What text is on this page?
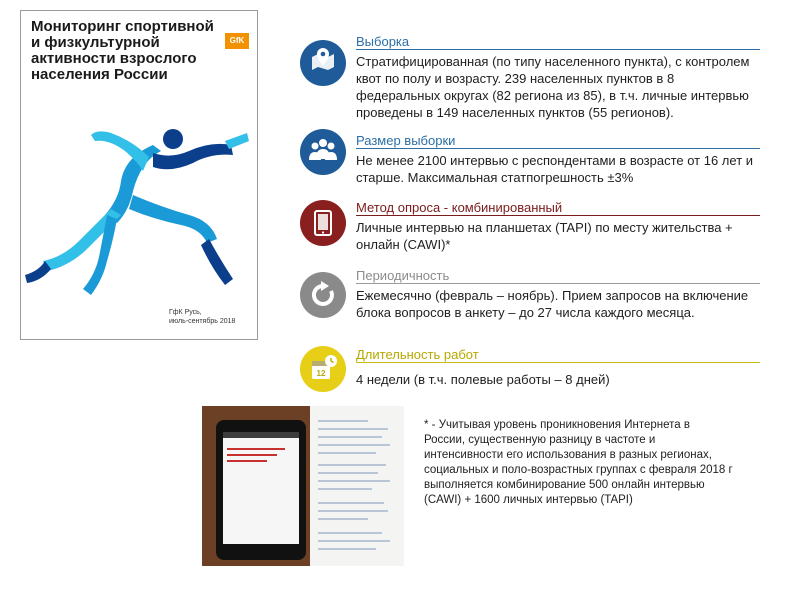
Мониторинг спортивной и физкультурной активности взрослого населения России
GfK
ГфК Русь,
июль-сентябрь 2018
Выборка
Стратифицированная (по типу населенного пункта), с контролем квот по полу и возрасту. 239 населенных пунктов в 8 федеральных округах (82 региона из 85), в т.ч. личные интервью проведены в 149 населенных пунктов (55 регионов).
Размер выборки
Не менее 2100 интервью с респондентами в возрасте от 16 лет и старше. Максимальная статпогрешность ±3%
Метод опроса - комбинированный
Личные интервью на планшетах (TAPI) по месту жительства + онлайн (CAWI)*
Периодичность
Ежемесячно (февраль – ноябрь). Прием запросов на включение блока вопросов в анкету – до 27 числа каждого месяца.
12
Длительность работ
4 недели (в т.ч. полевые работы – 8 дней)
* - Учитывая уровень проникновения Интернета в России, существенную разницу в частоте и интенсивности его использования в разных регионах, социальных и поло-возрастных группах с февраля 2018 г выполняется комбинирование 500 онлайн интервью (CAWI) + 1600 личных интервью (TAPI)
